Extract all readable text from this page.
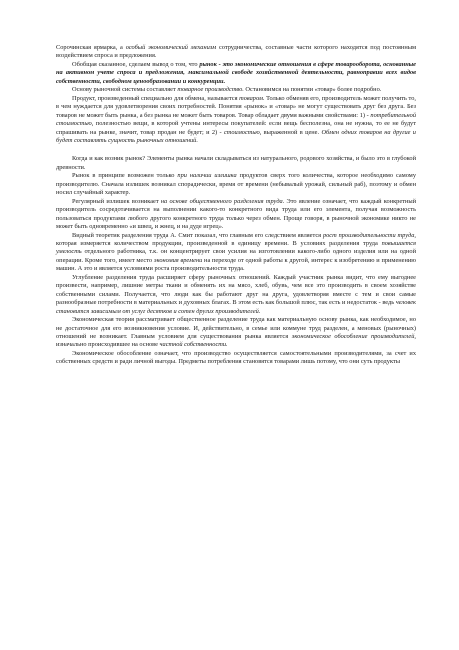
Сорочинская ярмарка, а особый экономический механизм сотрудничества, составные части которого находятся под постоянным воздействием спроса и предложения.

Обобщая сказанное, сделаем вывод о том, что рынок - это экономические отношения в сфере товарооборота, основанные на активном учете спроса и предложения, максимальной свободе хозяйственной деятельности, равноправии всех видов собственности, свободном ценообразовании и конкуренции.

Основу рыночной системы составляет товарное производство. Остановимся на понятии «товар» более подробно.

Продукт, произведенный специально для обмена, называется товаром. Только обменяв его, производитель может получить то, в чем нуждается для удовлетворения своих потребностей. Понятия «рынок» и «товар» не могут существовать друг без друга. Без товаров не может быть рынка, а без рынка не может быть товаров. Товар обладает двумя важными свойствами: 1) - потребительной стоимостью, полезностью вещи, в которой учтены интересы покупателей: если вещь бесполезна, она не нужна, то ее не будут спрашивать на рынке, значит, товар продан не будет; и 2) - стоимостью, выраженной в цене. Обмен одних товаров на другие и будет составлять сущность рыночных отношений.

Когда и как возник рынок? Элементы рынка начали складываться из натурального, родового хозяйства, и было это в глубокой древности.

Рынок в принципе возможен только при наличии излишка продуктов сверх того количества, которое необходимо самому производителю. Сначала излишек возникал спорадически, время от времени (небывалый урожай, сильный раб), поэтому и обмен носил случайный характер.

Регулярный излишек возникает на основе общественного разделения труда. Это явление означает, что каждый конкретный производитель сосредотачивается на выполнении какого-то конкретного вида труда или его элемента, получая возможность пользоваться продуктами любого другого конкретного труда только через обмен. Проще говоря, в рыночной экономике никто не может быть одновременно «и швец, и жнец, и на дуде игрец».

Видный теоретик разделения труда А. Смит показал, что главным его следствием является рост производительности труда, которая измеряется количеством продукции, произведенной в единицу времени. В условиях разделения труда повышается умелость отдельного работника, т.к. он концентрирует свои усилия на изготовлении какого-либо одного изделия или на одной операции. Кроме того, имеет место экономия времени на переходе от одной работы к другой, интерес к изобретению и применению машин. А это и является условиями роста производительности труда.

Углубление разделения труда расширяет сферу рыночных отношений. Каждый участник рынка видит, что ему выгоднее произвести, например, лишние метры ткани и обменять их на мясо, хлеб, обувь, чем все это производить в своем хозяйстве собственными силами. Получается, что люди как бы работают друг на друга, удовлетворяя вместе с тем и свои самые разнообразные потребности в материальных и духовных благах. В этом есть как большой плюс, так есть и недостаток - ведь человек становится зависимым от услуг десятков и сотен других производителей.

Экономическая теория рассматривает общественное разделение труда как материальную основу рынка, как необходимое, но не достаточное для его возникновения условие. И, действительно, в семье или коммуне труд разделен, а меновых (рыночных) отношений не возникает. Главным условием для существования рынка является экономическое обособление производителей, изначально происходившее на основе частной собственности.

Экономическое обособление означает, что производство осуществляется самостоятельными производителями, за счет их собственных средств и ради личной выгоды. Предметы потребления становятся товарами лишь потому, что они суть продукты
